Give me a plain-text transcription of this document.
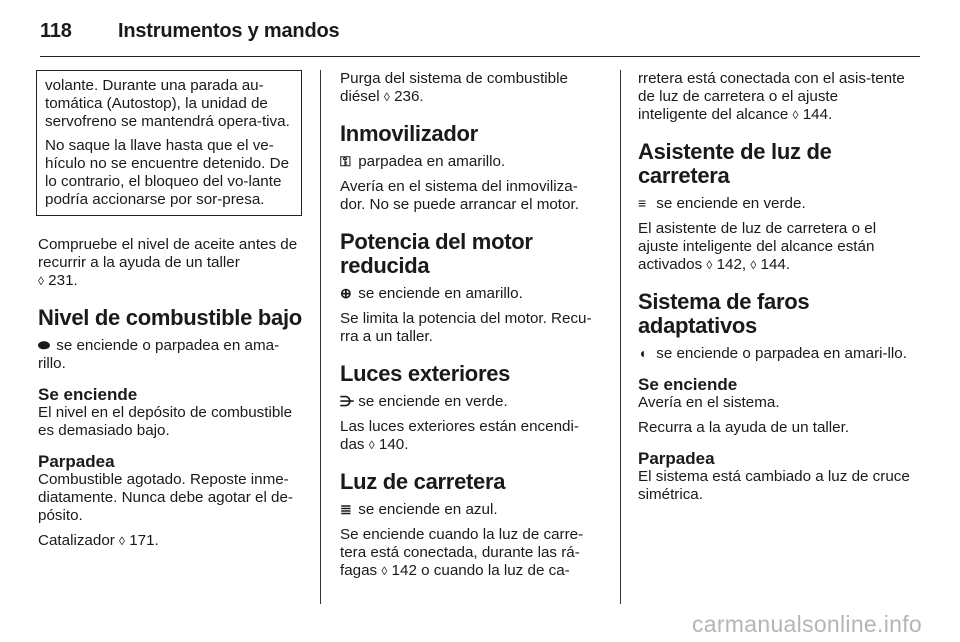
118 Instrumentos y mandos

volante. Durante una parada au-tomática (Autostop), la unidad de servofreno se mantendrá opera-tiva.

No saque la llave hasta que el ve-hículo no se encuentre detenido. De lo contrario, el bloqueo del vo-lante podría accionarse por sor-presa.

Compruebe el nivel de aceite antes de recurrir a la ayuda de un taller
◊ 231.

Nivel de combustible bajo

⬬ se enciende o parpadea en ama-rillo.

Se enciende

El nivel en el depósito de combustible es demasiado bajo.

Parpadea

Combustible agotado. Reposte inme-diatamente. Nunca debe agotar el de-pósito.

Catalizador ◊ 171.

Purga del sistema de combustible diésel ◊ 236.

Inmovilizador

⚿ parpadea en amarillo.

Avería en el sistema del inmoviliza-dor. No se puede arrancar el motor.

Potencia del motor reducida

⊕ se enciende en amarillo.

Se limita la potencia del motor. Recu-rra a un taller.

Luces exteriores

⋺ se enciende en verde.

Las luces exteriores están encendi-das ◊ 140.

Luz de carretera

≣ se enciende en azul.

Se enciende cuando la luz de carre-tera está conectada, durante las rá-fagas ◊ 142 o cuando la luz de ca-

rretera está conectada con el asis-tente de luz de carretera o el ajuste inteligente del alcance ◊ 144.

Asistente de luz de carretera

≡ se enciende en verde.

El asistente de luz de carretera o el ajuste inteligente del alcance están activados ◊ 142, ◊ 144.

Sistema de faros adaptativos

◖ se enciende o parpadea en amari-llo.

Se enciende

Avería en el sistema.

Recurra a la ayuda de un taller.

Parpadea

El sistema está cambiado a luz de cruce simétrica.

carmanualsonline.info
